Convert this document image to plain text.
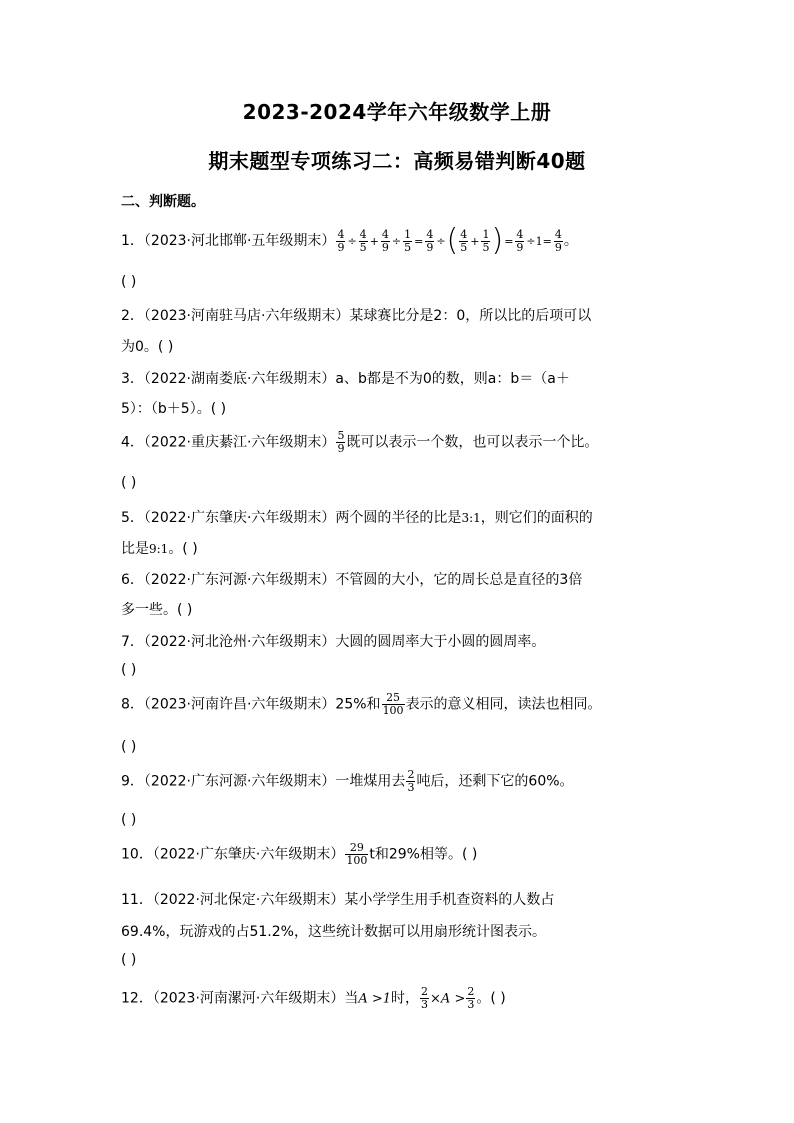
2023-2024学年六年级数学上册
期末题型专项练习二：高频易错判断40题
二、判断题。
1．（2023·河北邯郸·五年级期末） $\frac{4}{9} \div \frac{4}{5} + \frac{4}{9} \div \frac{1}{5} = \frac{4}{9}$ ÷( $\frac{4}{5} + \frac{1}{5}$ )= $\frac{4}{9} \div 1= \frac{4}{9}$ 。
( )
2．（2023·河南驻马店·六年级期末）某球赛比分是2：0，所以比的后项可以
为0。( )
3．（2022·湖南娄底·六年级期末）a、b都是不为0的数，则a：b＝（a＋
5）：（b＋5）。( )
4．（2022·重庆綦江·六年级期末） $\frac{5}{9}$ 既可以表示一个数，也可以表示一个比。
( )
5．（2022·广东肇庆·六年级期末）两个圆的半径的比是3:1，则它们的面积的
比是9:1。( )
6．（2022·广东河源·六年级期末）不管圆的大小，它的周长总是直径的3倍
多一些。( )
7．（2022·河北沧州·六年级期末）大圆的圆周率大于小圆的圆周率。
( )
8．（2023·河南许昌·六年级期末）25%和 $\frac{25}{100}$ 表示的意义相同，读法也相同。
( )
9．（2022·广东河源·六年级期末）一堆煤用去 $\frac{2}{3}$ 吨后，还剩下它的60%。
( )
10．（2022·广东肇庆·六年级期末） $\frac{29}{100}$ t和29%相等。( )
11．（2022·河北保定·六年级期末）某小学学生用手机查资料的人数占
69.4%，玩游戏的占51.2%，这些统计数据可以用扇形统计图表示。
( )
12．（2023·河南漯河·六年级期末）当A >1时， $\frac{2}{3} \times A > \frac{2}{3}$ 。( )
